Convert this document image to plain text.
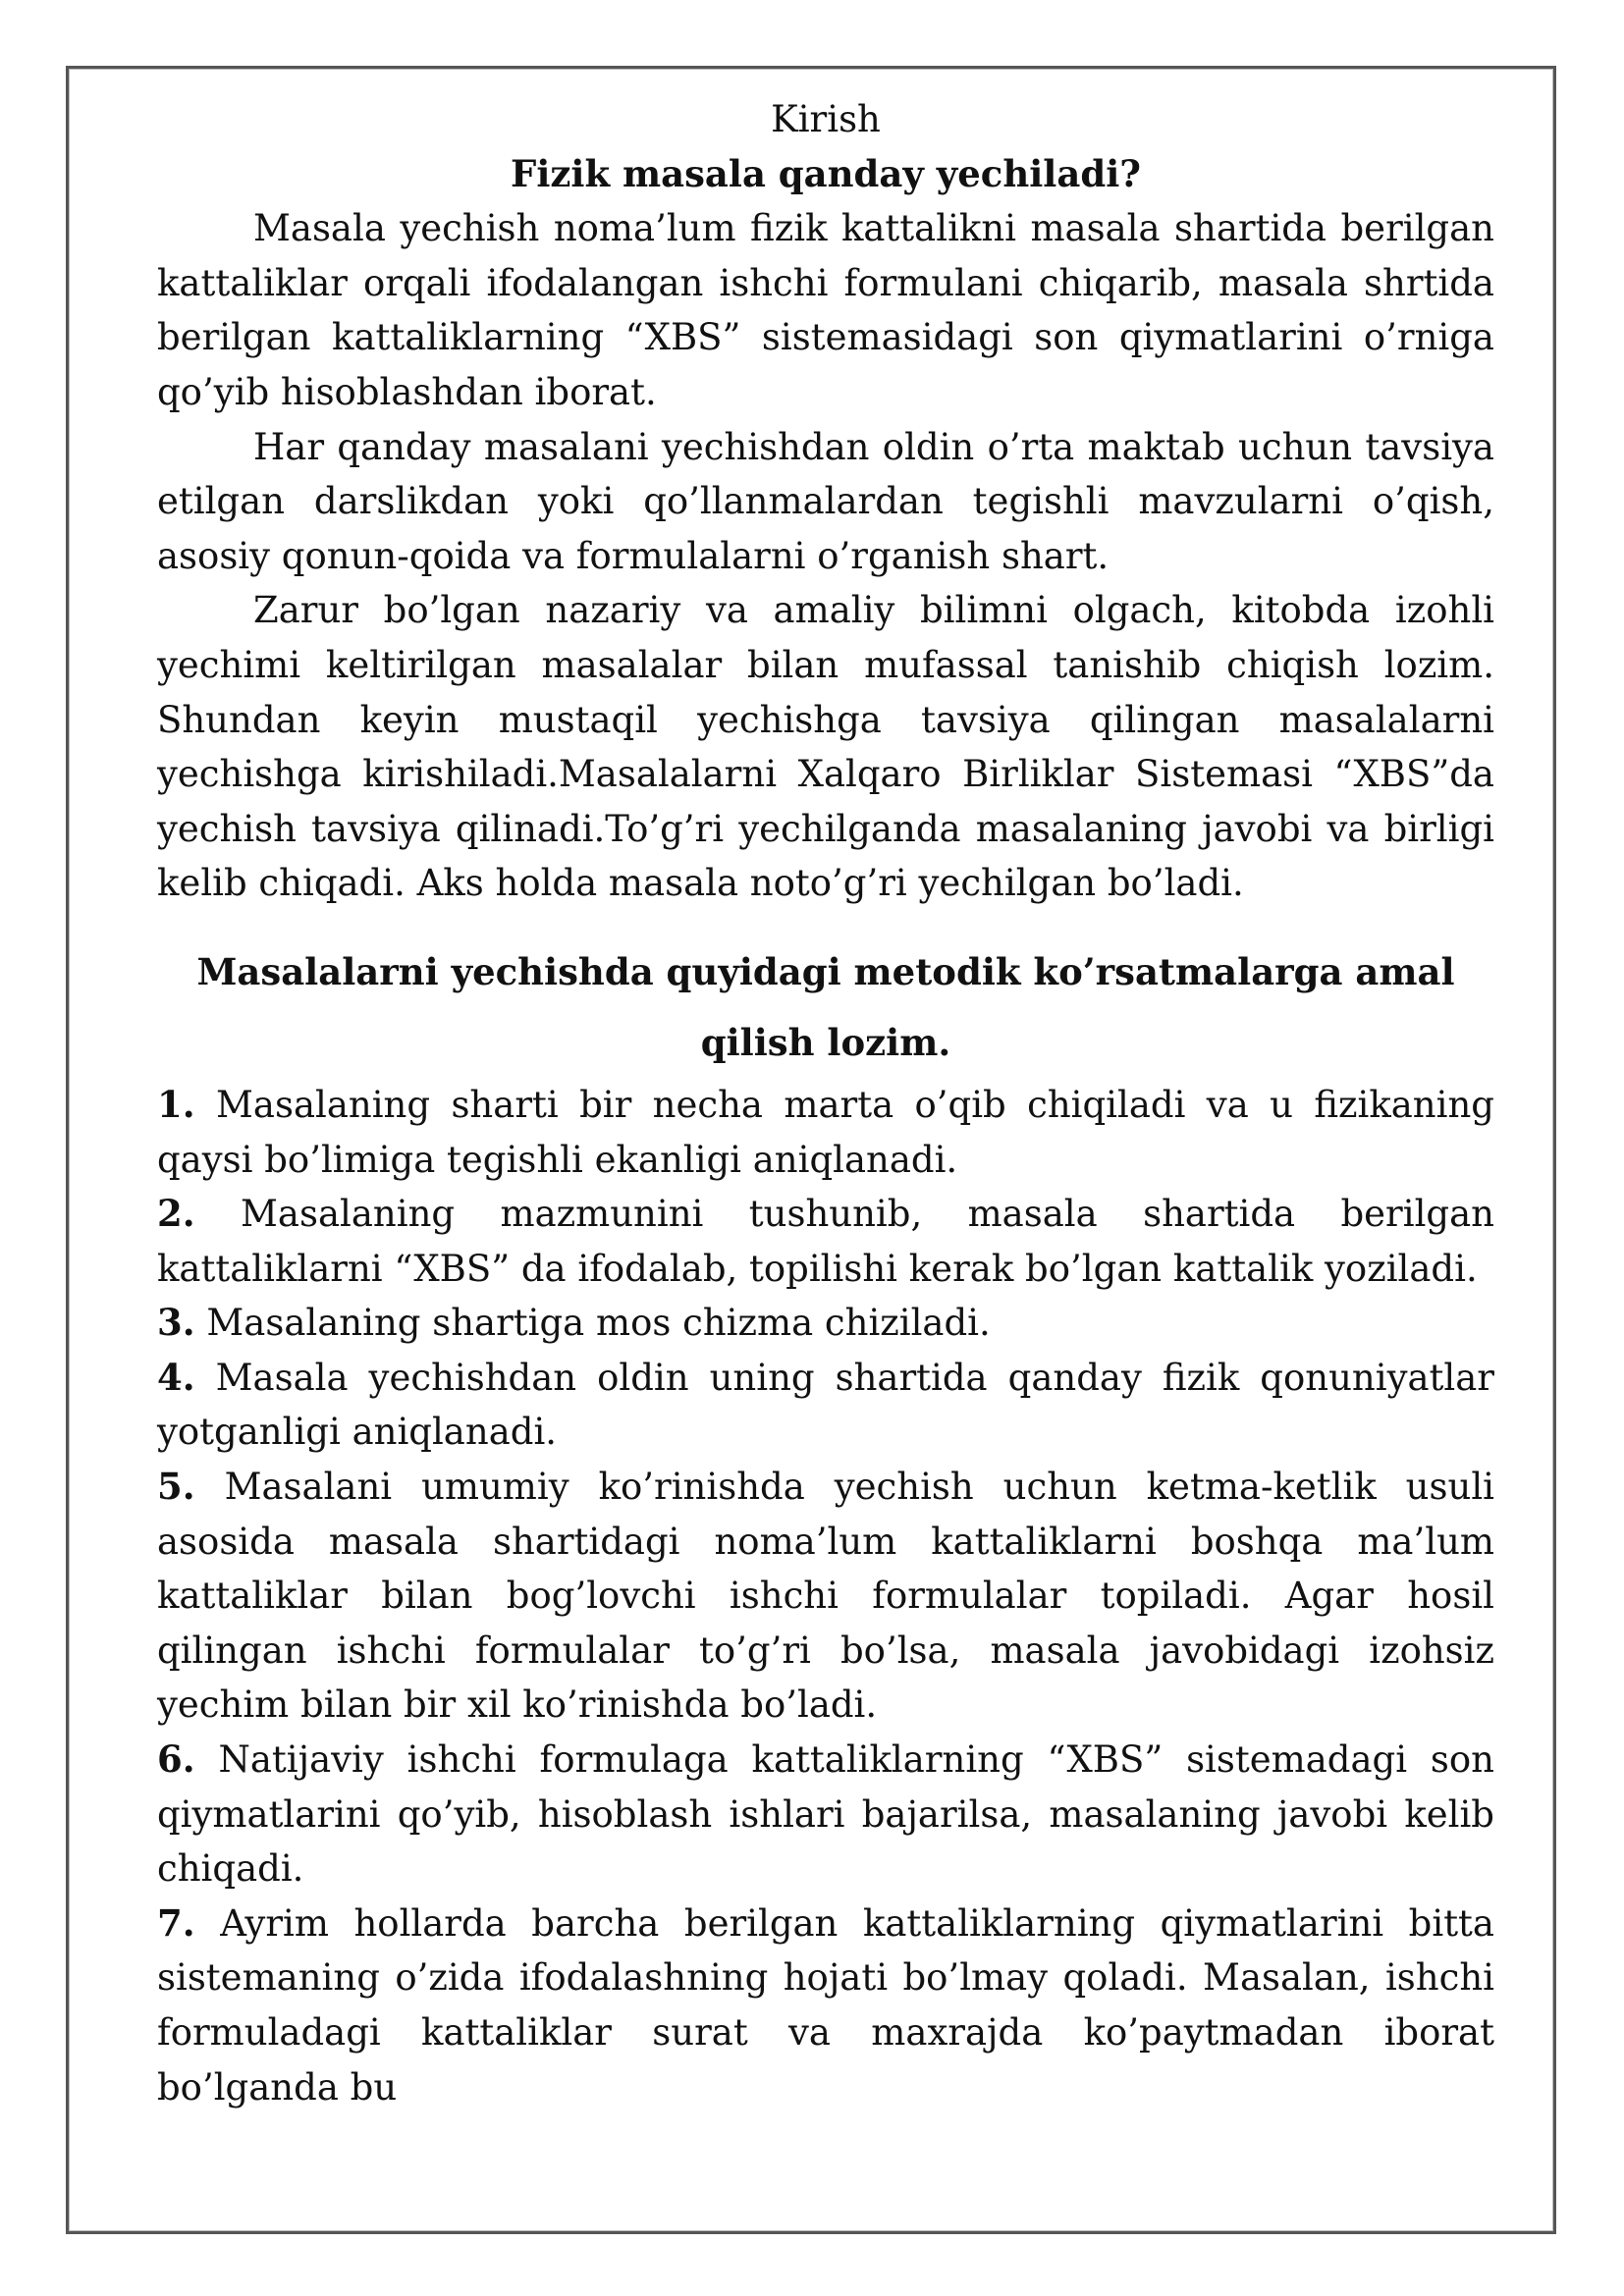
Kirish

Fizik masala qanday yechiladi?

Masala yechish noma’lum fizik kattalikni masala shartida berilgan kattaliklar orqali ifodalangan ishchi formulani chiqarib, masala shrtida berilgan kattaliklarning “XBS” sistemasidagi son qiymatlarini o’rniga qo’yib hisoblashdan iborat.

Har qanday masalani yechishdan oldin o’rta maktab uchun tavsiya etilgan darslikdan yoki qo’llanmalardan tegishli mavzularni o’qish, asosiy qonun-qoida va formulalarni o’rganish shart.

Zarur bo’lgan nazariy va amaliy bilimni olgach, kitobda izohli yechimi keltirilgan masalalar bilan mufassal tanishib chiqish lozim. Shundan keyin mustaqil yechishga tavsiya qilingan masalalarni yechishga kirishiladi.Masalalarni Xalqaro Birliklar Sistemasi “XBS”da yechish tavsiya qilinadi.To’g’ri yechilganda masalaning javobi va birligi kelib chiqadi. Aks holda masala noto’g’ri yechilgan bo’ladi.

Masalalarni yechishda quyidagi metodik ko’rsatmalarga amal qilish lozim.

1. Masalaning sharti bir necha marta o’qib chiqiladi va u fizikaning qaysi bo’limiga tegishli ekanligi aniqlanadi.

2. Masalaning mazmunini tushunib, masala shartida berilgan kattaliklarni “XBS” da ifodalab, topilishi kerak bo’lgan kattalik yoziladi.

3. Masalaning shartiga mos chizma chiziladi.

4. Masala yechishdan oldin uning shartida qanday fizik qonuniyatlar yotganligi aniqlanadi.

5. Masalani umumiy ko’rinishda yechish uchun ketma-ketlik usuli asosida masala shartidagi noma’lum kattaliklarni boshqa ma’lum kattaliklar bilan bog’lovchi ishchi formulalar topiladi. Agar hosil qilingan ishchi formulalar to’g’ri bo’lsa, masala javobidagi izohsiz yechim bilan bir xil ko’rinishda bo’ladi.

6. Natijaviy ishchi formulaga kattaliklarning “XBS” sistemadagi son qiymatlarini qo’yib, hisoblash ishlari bajarilsa, masalaning javobi kelib chiqadi.

7. Ayrim hollarda barcha berilgan kattaliklarning qiymatlarini bitta sistemaning o’zida ifodalashning hojati bo’lmay qoladi. Masalan, ishchi formuladagi kattaliklar surat va maxrajda ko’paytmadan iborat bo’lganda bu
